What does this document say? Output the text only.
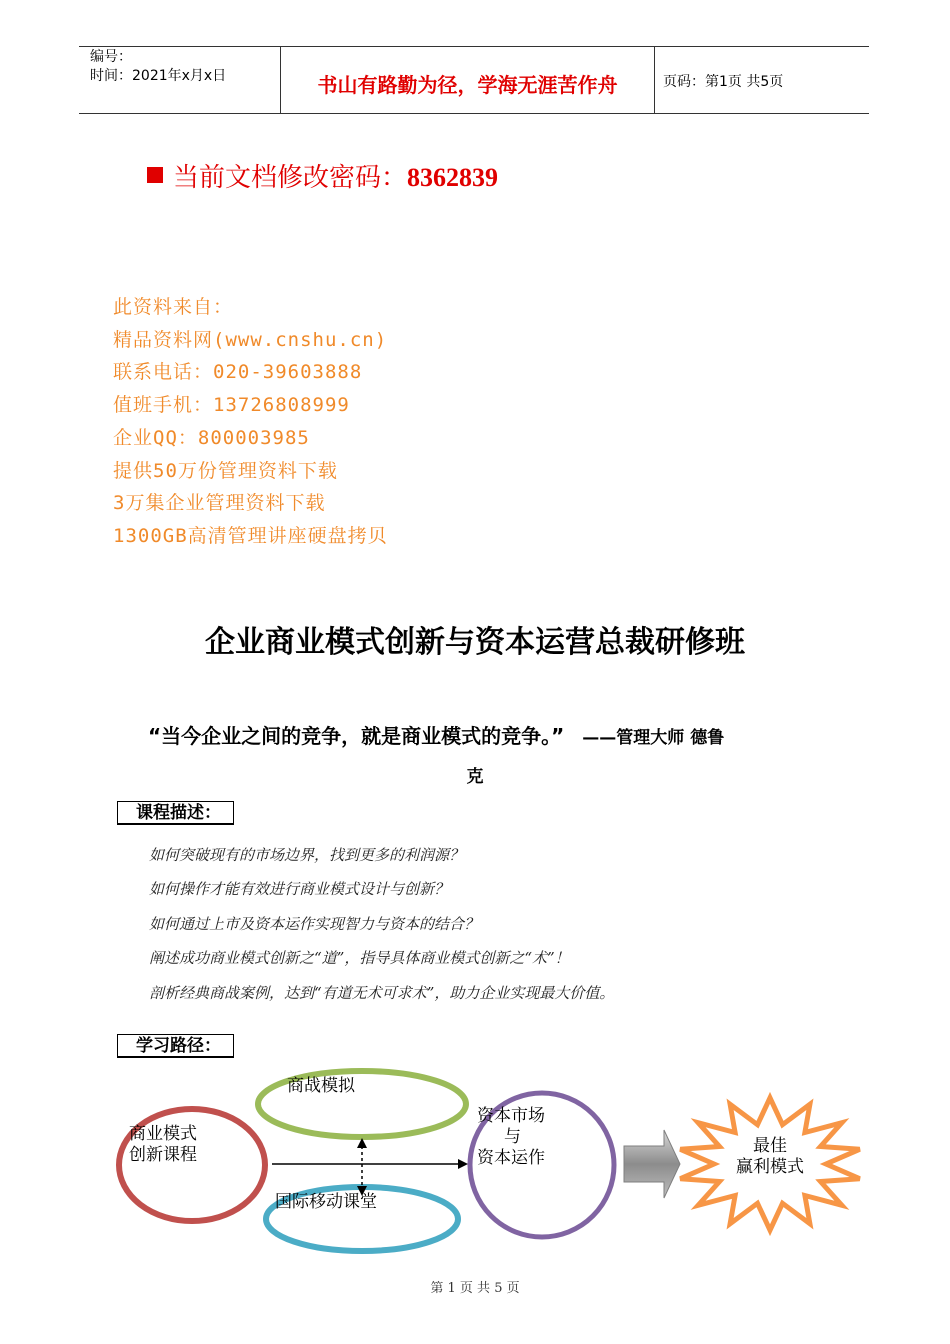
编号：
时间：2021年x月x日	书山有路勤为径，学海无涯苦作舟	页码：第1页 共5页
当前文档修改密码：8362839
此资料来自：
精品资料网(www.cnshu.cn)
联系电话：020-39603888
值班手机：13726808999
企业QQ：800003985
提供50万份管理资料下载
3万集企业管理资料下载
1300GB高清管理讲座硬盘拷贝
企业商业模式创新与资本运营总裁研修班
“当今企业之间的竞争，就是商业模式的竞争。” ——管理大师 德鲁
克
课程描述：
如何突破现有的市场边界，找到更多的利润源？
如何操作才能有效进行商业模式设计与创新？
如何通过上市及资本运作实现智力与资本的结合？
阐述成功商业模式创新之“道”，指导具体商业模式创新之“术”！
剖析经典商战案例，达到“有道无术可求术”，助力企业实现最大价值。
学习路径：
商业模式
创新课程
商战模拟
国际移动课堂
资本市场
与
资本运作
最佳
赢利模式
第 1 页 共 5 页
